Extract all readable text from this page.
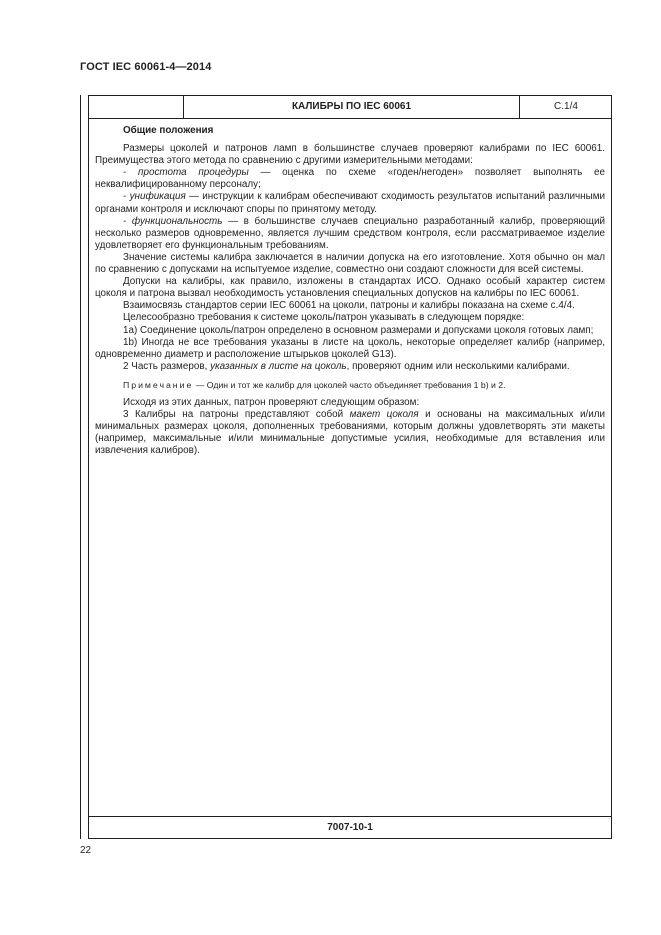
ГОСТ IEC 60061-4—2014
КАЛИБРЫ ПО IEC 60061	С.1/4

Общие положения

Размеры цоколей и патронов ламп в большинстве случаев проверяют калибрами по IEC 60061. Преимущества этого метода по сравнению с другими измерительными методами:

- простота процедуры — оценка по схеме «годен/негоден» позволяет выполнять ее неквалифицированному персоналу;

- унификация — инструкции к калибрам обеспечивают сходимость результатов испытаний различными органами контроля и исключают споры по принятому методу.

- функциональность — в большинстве случаев специально разработанный калибр, проверяющий несколько размеров одновременно, является лучшим средством контроля, если рассматриваемое изделие удовлетворяет его функциональным требованиям.

Значение системы калибра заключается в наличии допуска на его изготовление. Хотя обычно он мал по сравнению с допусками на испытуемое изделие, совместно они создают сложности для всей системы.

Допуски на калибры, как правило, изложены в стандартах ИСО. Однако особый характер систем цоколя и патрона вызвал необходимость установления специальных допусков на калибры по IEC 60061.

Взаимосвязь стандартов серии IEC 60061 на цоколи, патроны и калибры показана на схеме с.4/4.

Целесообразно требования к системе цоколь/патрон указывать в следующем порядке:

1a) Соединение цоколь/патрон определено в основном размерами и допусками цоколя готовых ламп;

1b) Иногда не все требования указаны в листе на цоколь, некоторые определяет калибр (например, одновременно диаметр и расположение штырьков цоколей G13).

2 Часть размеров, указанных в листе на цоколь, проверяют одним или несколькими калибрами.

Примечание — Один и тот же калибр для цоколей часто объединяет требования 1 b) и 2.

Исходя из этих данных, патрон проверяют следующим образом:

3 Калибры на патроны представляют собой макет цоколя и основаны на максимальных и/или минимальных размерах цоколя, дополненных требованиями, которым должны удовлетворять эти макеты (например, максимальные и/или минимальные допустимые усилия, необходимые для вставления или извлечения калибров).

7007-10-1
22
